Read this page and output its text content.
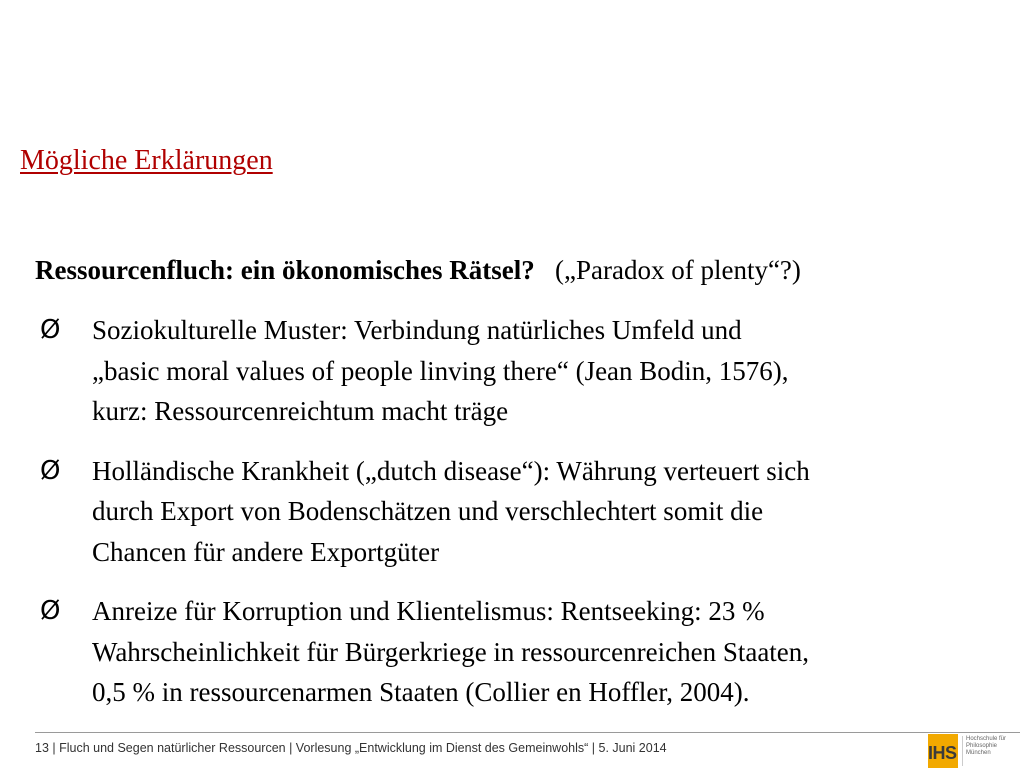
Mögliche Erklärungen
Ressourcenfluch: ein ökonomisches Rätsel? („Paradox of plenty“?)
Ø	Soziokulturelle Muster: Verbindung natürliches Umfeld und
„basic moral values of people linving there“ (Jean Bodin, 1576),
kurz: Ressourcenreichtum macht träge
Ø	Holländische Krankheit („dutch disease“): Währung verteuert sich
durch Export von Bodenschätzen und verschlechtert somit die
Chancen für andere Exportgüter
Ø	Anreize für Korruption und Klientelismus: Rentseeking: 23 %
Wahrscheinlichkeit für Bürgerkriege in ressourcenreichen Staaten,
0,5 % in ressourcenarmen Staaten (Collier en Hoffler, 2004).
13 | Fluch und Segen natürlicher Ressourcen | Vorlesung „Entwicklung im Dienst des Gemeinwohls“ | 5. Juni 2014	IHS
Hochschule für
Philosophie
München
